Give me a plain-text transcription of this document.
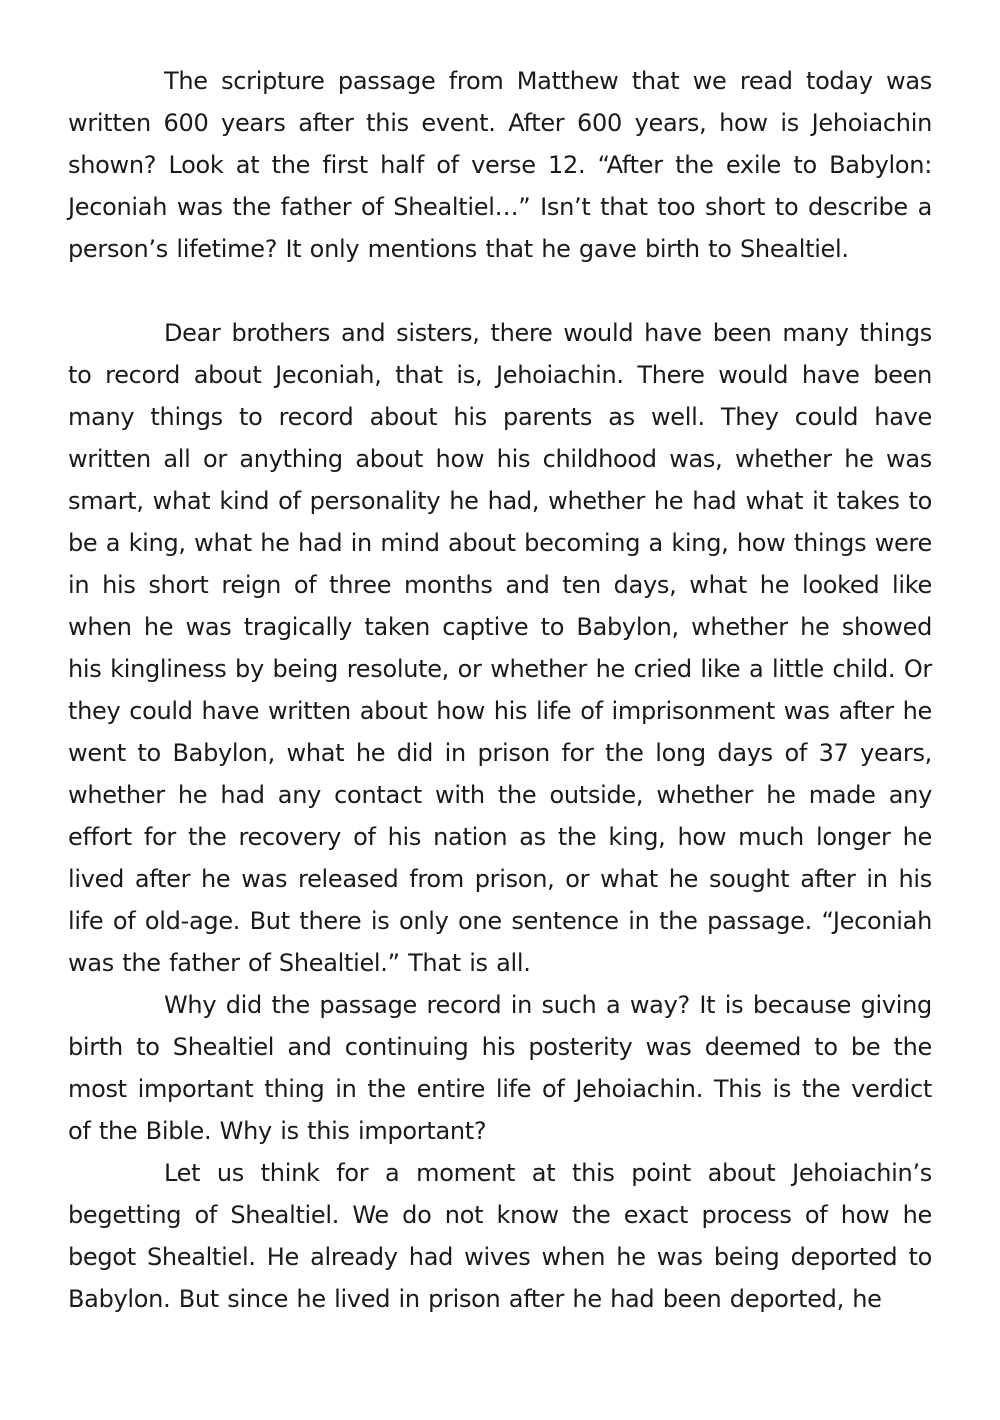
The scripture passage from Matthew that we read today was written 600 years after this event. After 600 years, how is Jehoiachin shown? Look at the first half of verse 12. “After the exile to Babylon: Jeconiah was the father of Shealtiel…” Isn’t that too short to describe a person’s lifetime? It only mentions that he gave birth to Shealtiel.

Dear brothers and sisters, there would have been many things to record about Jeconiah, that is, Jehoiachin. There would have been many things to record about his parents as well. They could have written all or anything about how his childhood was, whether he was smart, what kind of personality he had, whether he had what it takes to be a king, what he had in mind about becoming a king, how things were in his short reign of three months and ten days, what he looked like when he was tragically taken captive to Babylon, whether he showed his kingliness by being resolute, or whether he cried like a little child. Or they could have written about how his life of imprisonment was after he went to Babylon, what he did in prison for the long days of 37 years, whether he had any contact with the outside, whether he made any effort for the recovery of his nation as the king, how much longer he lived after he was released from prison, or what he sought after in his life of old-age. But there is only one sentence in the passage. “Jeconiah was the father of Shealtiel.” That is all.

Why did the passage record in such a way? It is because giving birth to Shealtiel and continuing his posterity was deemed to be the most important thing in the entire life of Jehoiachin. This is the verdict of the Bible. Why is this important?

Let us think for a moment at this point about Jehoiachin’s begetting of Shealtiel. We do not know the exact process of how he begot Shealtiel. He already had wives when he was being deported to Babylon. But since he lived in prison after he had been deported, he
